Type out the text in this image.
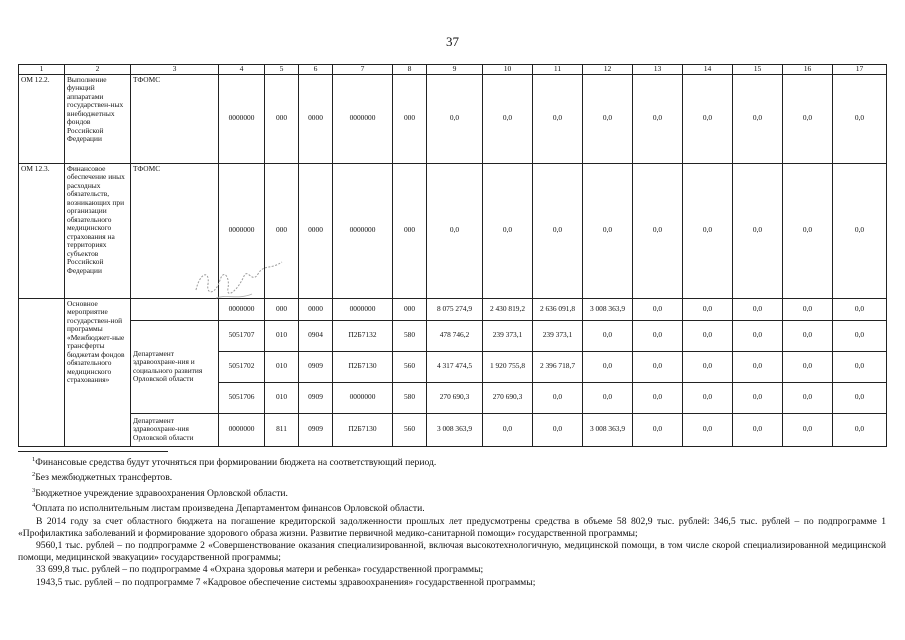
37
1	2	3	4	5	6	7	8	9	10	11	12	13	14	15	16	17
ОМ 12.2.	Выполнение функций аппаратами государствен-ных внебюджетных фондов Российской Федерации	ТФОМС	0000000	000	0000	0000000	000	0,0	0,0	0,0	0,0	0,0	0,0	0,0	0,0	0,0
ОМ 12.3.	Финансовое обеспечение иных расходных обязательств, возникающих при организации обязательного медицинского страхования на территориях субъектов Российской Федерации	ТФОМС	0000000	000	0000	0000000	000	0,0	0,0	0,0	0,0	0,0	0,0	0,0	0,0	0,0
	Основное мероприятие государствен-ной программы «Межбюджет-ные трансферты бюджетам фондов обязательного медицинского страхования»		0000000	000	0000	0000000	000	8 075 274,9	2 430 819,2	2 636 091,8	3 008 363,9	0,0	0,0	0,0	0,0	0,0
		Департамент здравоохране-ния и социального развития Орловской области	5051707	010	0904	П2Б7132	580	478 746,2	239 373,1	239 373,1	0,0	0,0	0,0	0,0	0,0	0,0
			5051702	010	0909	П2Б7130	560	4 317 474,5	1 920 755,8	2 396 718,7	0,0	0,0	0,0	0,0	0,0	0,0
			5051706	010	0909	0000000	580	270 690,3	270 690,3	0,0	0,0	0,0	0,0	0,0	0,0	0,0
		Департамент здравоохране-ния Орловской области	0000000	811	0909	П2Б7130	560	3 008 363,9	0,0	0,0	3 008 363,9	0,0	0,0	0,0	0,0	0,0
$^1$Финансовые средства будут уточняться при формировании бюджета на соответствующий период.
$^2$Без межбюджетных трансфертов.
$^3$Бюджетное учреждение здравоохранения Орловской области.
$^4$Оплата по исполнительным листам произведена Департаментом финансов Орловской области.
В 2014 году за счет областного бюджета на погашение кредиторской задолженности прошлых лет предусмотрены средства в объеме 58 802,9 тыс. рублей: 346,5 тыс. рублей – по подпрограмме 1 «Профилактика заболеваний и формирование здорового образа жизни. Развитие первичной медико-санитарной помощи» государственной программы;
9560,1 тыс. рублей – по подпрограмме 2 «Совершенствование оказания специализированной, включая высокотехнологичную, медицинской помощи, в том числе скорой специализированной медицинской помощи, медицинской эвакуации» государственной программы;
33 699,8 тыс. рублей – по подпрограмме 4 «Охрана здоровья матери и ребенка» государственной программы;
1943,5 тыс. рублей – по подпрограмме 7 «Кадровое обеспечение системы здравоохранения» государственной программы;
